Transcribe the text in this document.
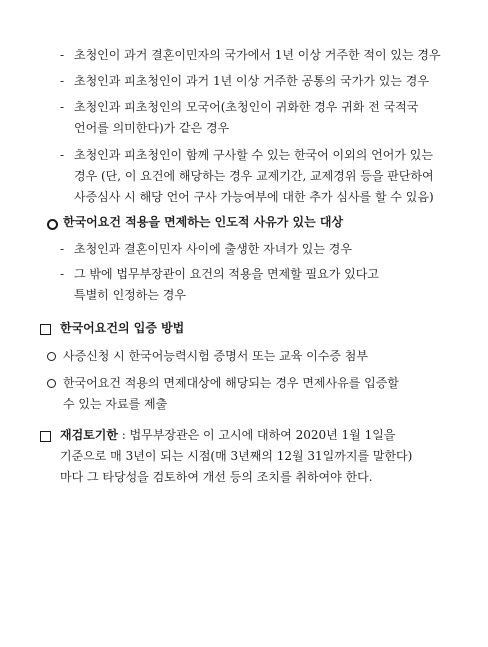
- 초청인이 과거 결혼이민자의 국가에서 1년 이상 거주한 적이 있는 경우
- 초청인과 피초청인이 과거 1년 이상 거주한 공통의 국가가 있는 경우
- 초청인과 피초청인의 모국어(초청인이 귀화한 경우 귀화 전 국적국
언어를 의미한다)가 같은 경우
- 초청인과 피초청인이 함께 구사할 수 있는 한국어 이외의 언어가 있는
경우 (단, 이 요건에 해당하는 경우 교제기간, 교제경위 등을 판단하여
사증심사 시 해당 언어 구사 가능여부에 대한 추가 심사를 할 수 있음)
한국어요건 적용을 면제하는 인도적 사유가 있는 대상
- 초청인과 결혼이민자 사이에 출생한 자녀가 있는 경우
- 그 밖에 법무부장관이 요건의 적용을 면제할 필요가 있다고
특별히 인정하는 경우
한국어요건의 입증 방법
사증신청 시 한국어능력시험 증명서 또는 교육 이수증 첨부
한국어요건 적용의 면제대상에 해당되는 경우 면제사유를 입증할
수 있는 자료를 제출
재검토기한 : 법무부장관은 이 고시에 대하여 2020년 1월 1일을
기준으로 매 3년이 되는 시점(매 3년째의 12월 31일까지를 말한다)
마다 그 타당성을 검토하여 개선 등의 조치를 취하여야 한다.
